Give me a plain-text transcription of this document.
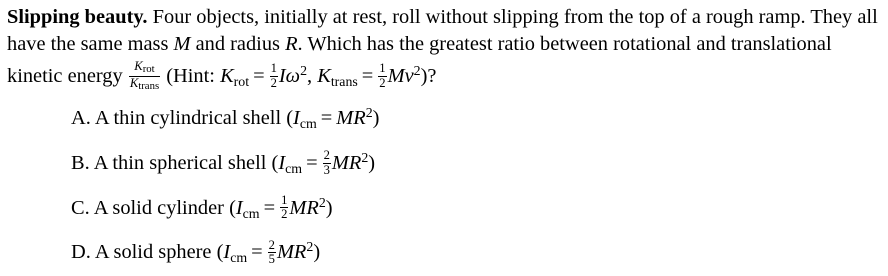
Slipping beauty. Four objects, initially at rest, roll without slipping from the top of a rough ramp. They all have the same mass M and radius R. Which has the greatest ratio between rotational and translational kinetic energy $\frac{K_{rot}}{K_{trans}}$ (Hint: $K_{rot} = \frac{1}{2} I\omega^2$, $K_{trans} = \frac{1}{2} Mv^2$)?
A. A thin cylindrical shell $(I_{cm} = MR^2)$
B. A thin spherical shell $(I_{cm} = \frac{2}{3} MR^2)$
C. A solid cylinder $(I_{cm} = \frac{1}{2} MR^2)$
D. A solid sphere $(I_{cm} = \frac{2}{5} MR^2)$
